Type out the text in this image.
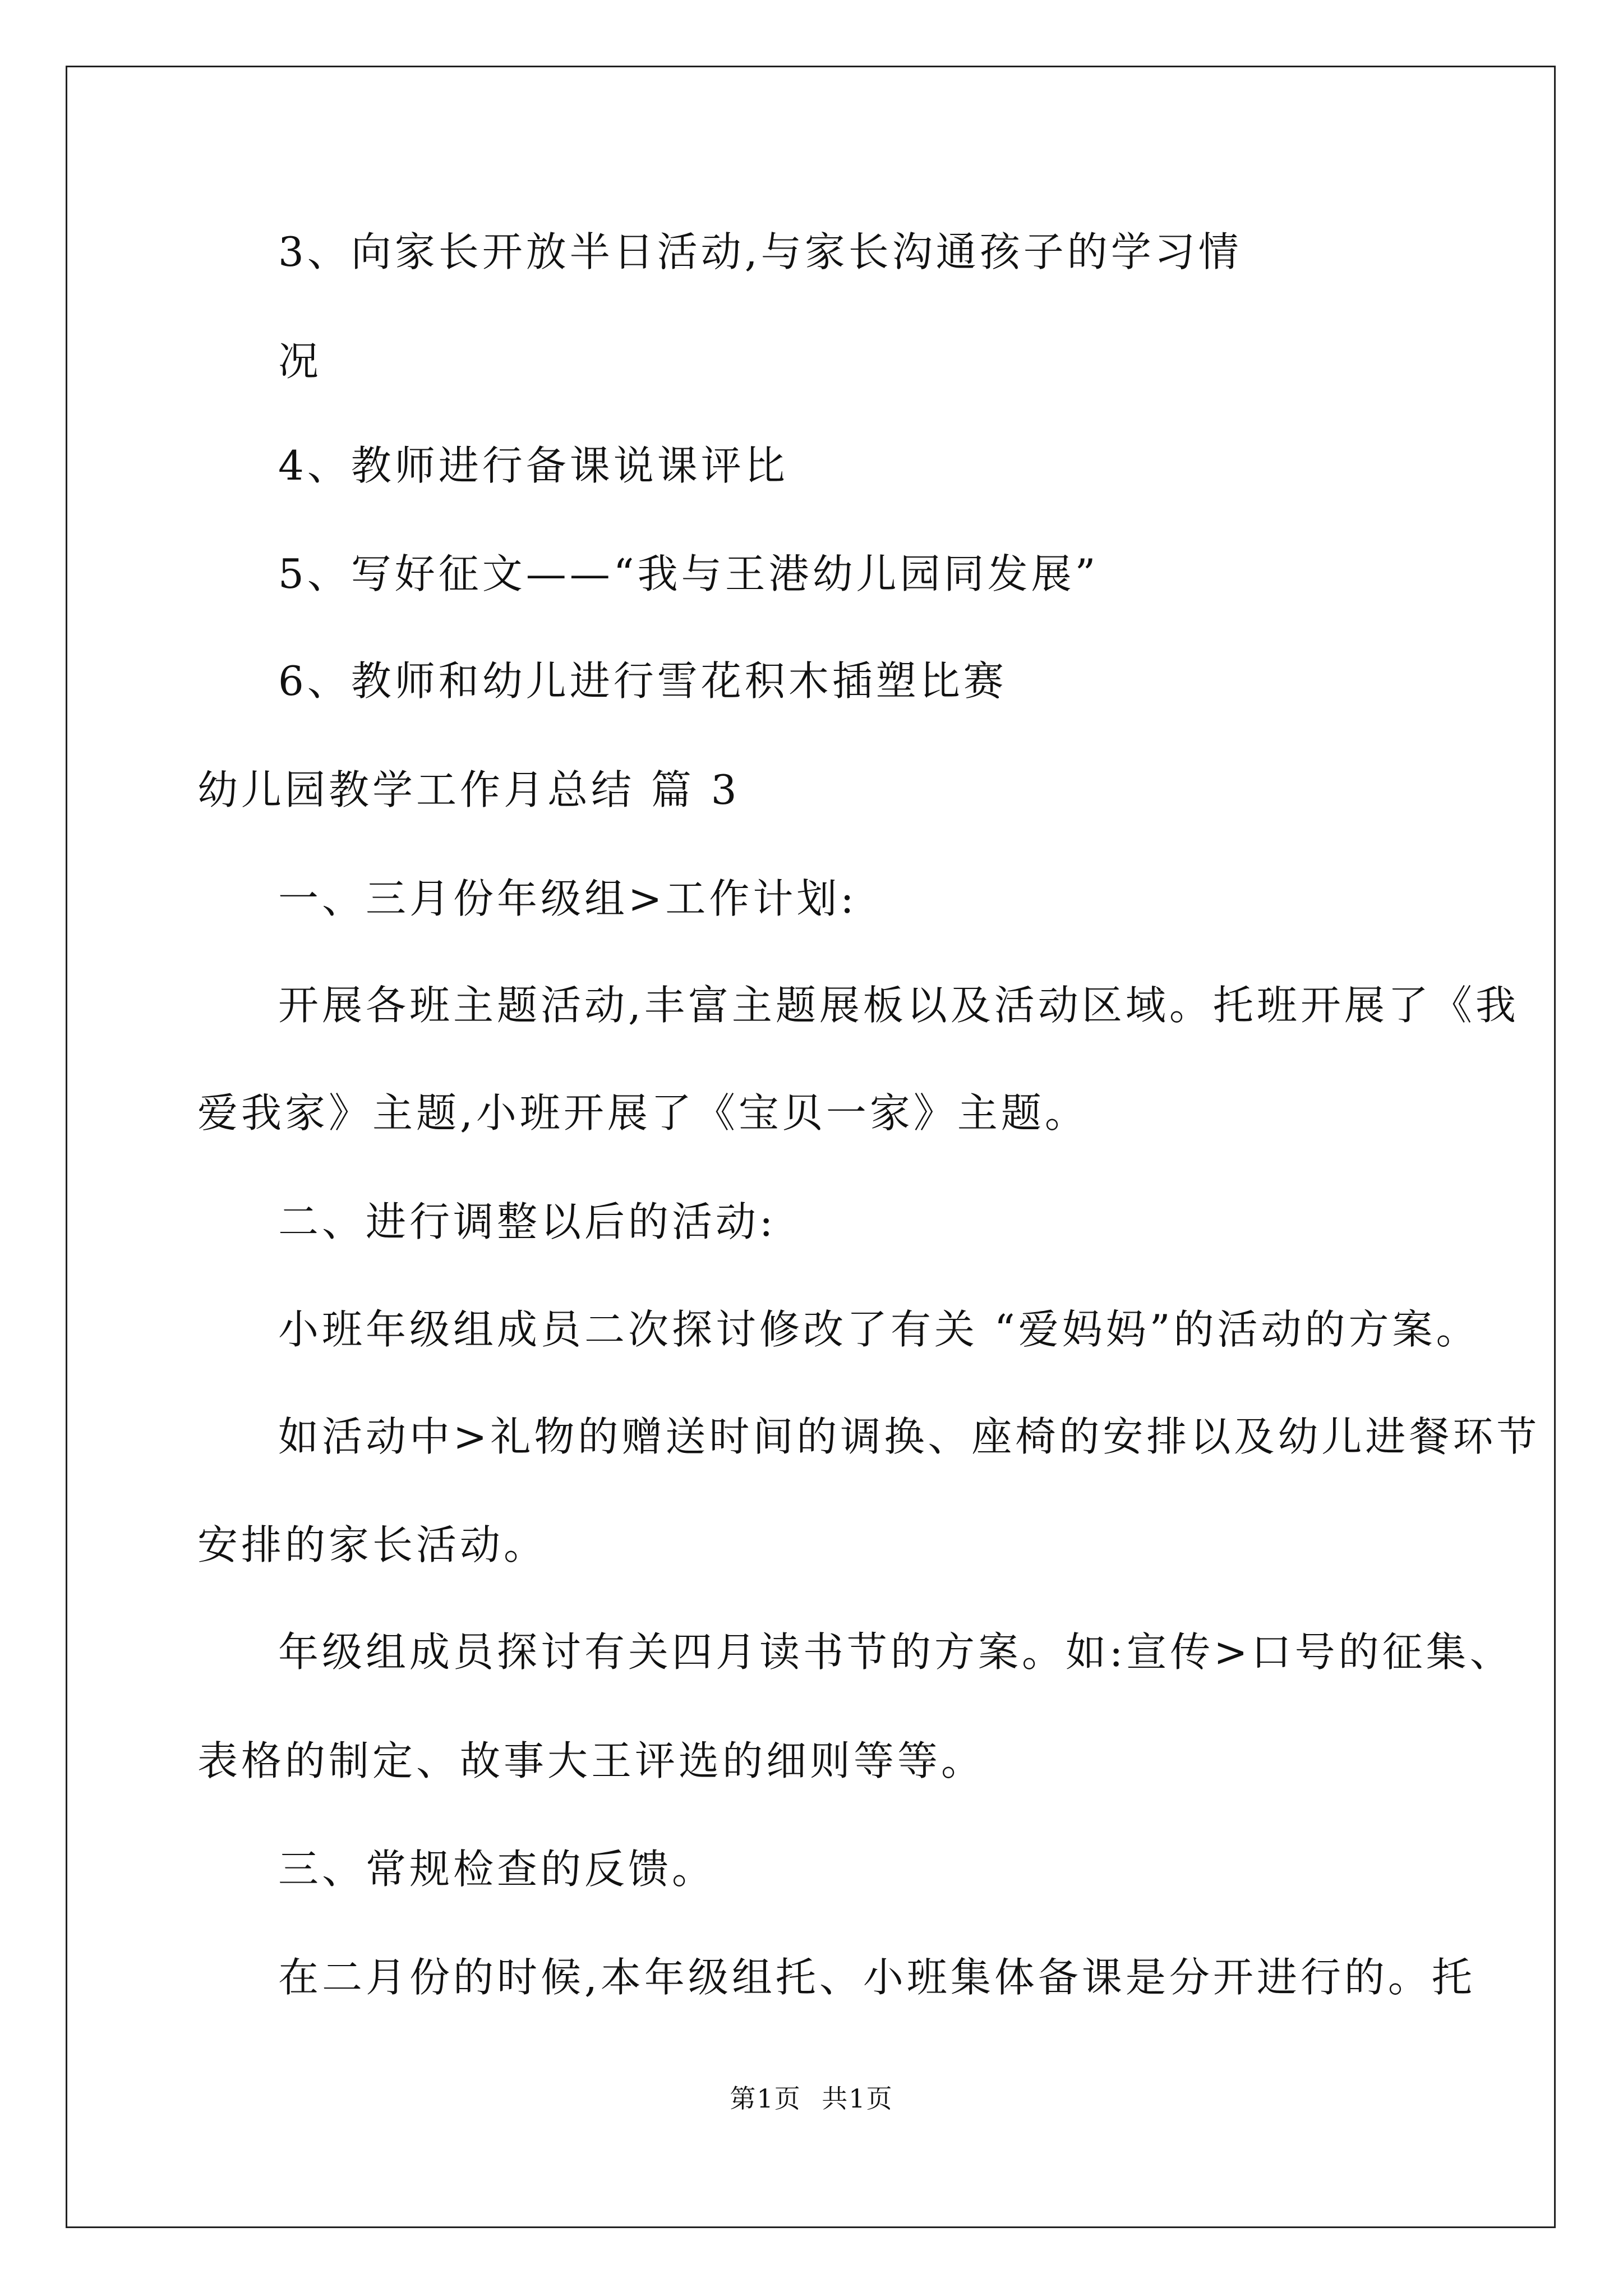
3、向家长开放半日活动,与家长沟通孩子的学习情
况
4、教师进行备课说课评比
5、写好征文——“我与王港幼儿园同发展”
6、教师和幼儿进行雪花积木插塑比赛
幼儿园教学工作月总结 篇 3
一、三月份年级组>工作计划:
开展各班主题活动,丰富主题展板以及活动区域。托班开展了《我
爱我家》主题,小班开展了《宝贝一家》主题。
二、进行调整以后的活动:
小班年级组成员二次探讨修改了有关 “爱妈妈”的活动的方案。
如活动中>礼物的赠送时间的调换、座椅的安排以及幼儿进餐环节
安排的家长活动。
年级组成员探讨有关四月读书节的方案。如:宣传>口号的征集、
表格的制定、故事大王评选的细则等等。
三、常规检查的反馈。
在二月份的时候,本年级组托、小班集体备课是分开进行的。托
第1页 共1页
